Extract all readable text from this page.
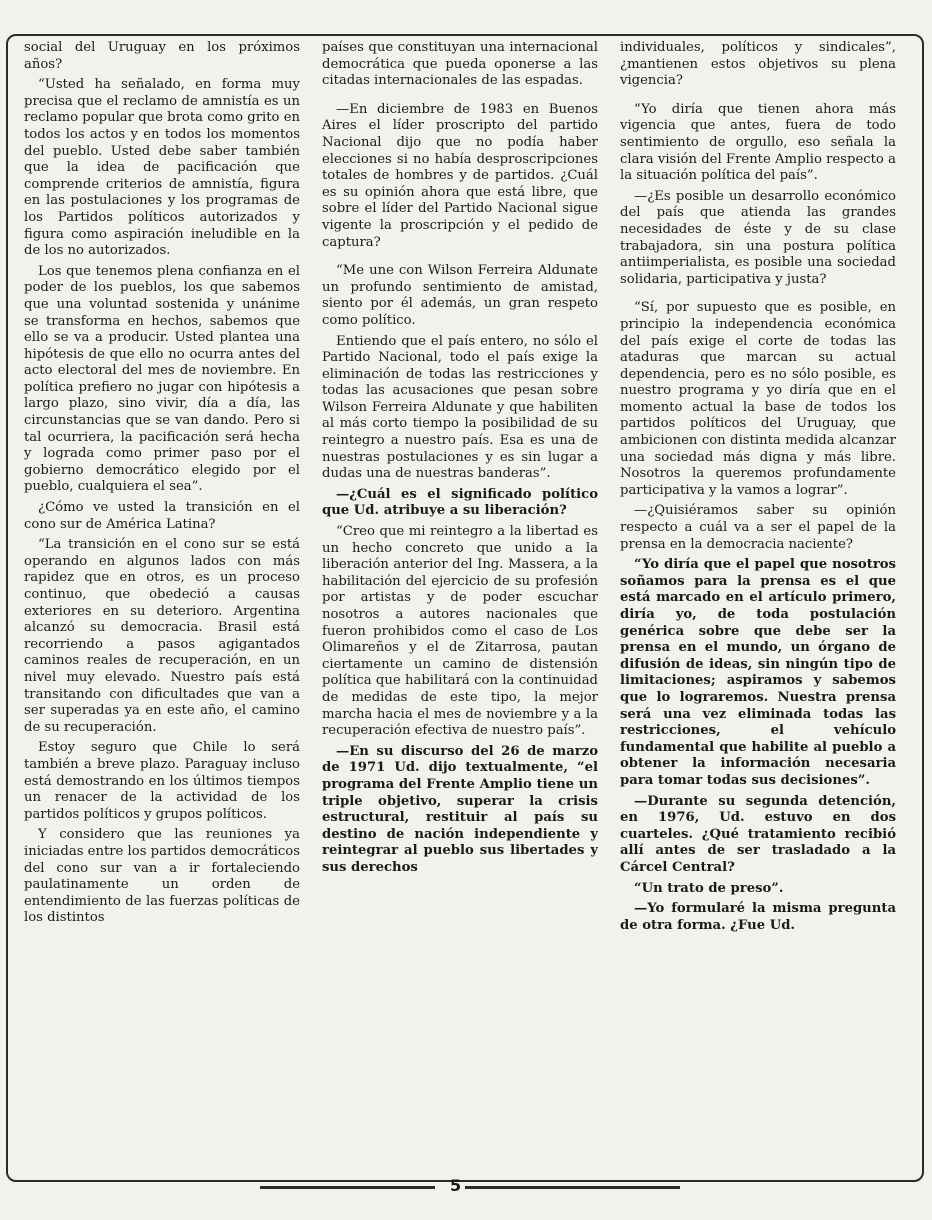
social del Uruguay en los próximos años?

“Usted ha señalado, en forma muy precisa que el reclamo de amnistía es un reclamo popular que brota como grito en todos los actos y en todos los momentos del pueblo. Usted debe saber también que la idea de pacificación que comprende criterios de amnistía, figura en las postulaciones y los programas de los Partidos políticos autorizados y figura como aspiración ineludible en la de los no autorizados.

Los que tenemos plena confianza en el poder de los pueblos, los que sabemos que una voluntad sostenida y unánime se transforma en hechos, sabemos que ello se va a producir. Usted plantea una hipótesis de que ello no ocurra antes del acto electoral del mes de noviembre. En política prefiero no jugar con hipótesis a largo plazo, sino vivir, día a día, las circunstancias que se van dando. Pero si tal ocurriera, la pacificación será hecha y lograda como primer paso por el gobierno democrático elegido por el pueblo, cualquiera el sea”.

¿Cómo ve usted la transición en el cono sur de América Latina?

“La transición en el cono sur se está operando en algunos lados con más rapidez que en otros, es un proceso continuo, que obedeció a causas exteriores en su deterioro. Argentina alcanzó su democracia. Brasil está recorriendo a pasos agigantados caminos reales de recuperación, en un nivel muy elevado. Nuestro país está transitando con dificultades que van a ser superadas ya en este año, el camino de su recuperación.

Estoy seguro que Chile lo será también a breve plazo. Paraguay incluso está demostrando en los últimos tiempos un renacer de la actividad de los partidos políticos y grupos políticos.

Y considero que las reuniones ya iniciadas entre los partidos democráticos del cono sur van a ir fortaleciendo paulatinamente un orden de entendimiento de las fuerzas políticas de los distintos

países que constituyan una internacional democrática que pueda oponerse a las citadas internacionales de las espadas.

—En diciembre de 1983 en Buenos Aires el líder proscripto del partido Nacional dijo que no podía haber elecciones si no había desproscripciones totales de hombres y de partidos. ¿Cuál es su opinión ahora que está libre, que sobre el líder del Partido Nacional sigue vigente la proscripción y el pedido de captura?

“Me une con Wilson Ferreira Aldunate un profundo sentimiento de amistad, siento por él además, un gran respeto como político.

Entiendo que el país entero, no sólo el Partido Nacional, todo el país exige la eliminación de todas las restricciones y todas las acusaciones que pesan sobre Wilson Ferreira Aldunate y que habiliten al más corto tiempo la posibilidad de su reintegro a nuestro país. Esa es una de nuestras postulaciones y es sin lugar a dudas una de nuestras banderas”.

—¿Cuál es el significado político que Ud. atribuye a su liberación?

“Creo que mi reintegro a la libertad es un hecho concreto que unido a la liberación anterior del Ing. Massera, a la habilitación del ejercicio de su profesión por artistas y de poder escuchar nosotros a autores nacionales que fueron prohibidos como el caso de Los Olimareños y el de Zitarrosa, pautan ciertamente un camino de distensión política que habilitará con la continuidad de medidas de este tipo, la mejor marcha hacia el mes de noviembre y a la recuperación efectiva de nuestro país”.

—En su discurso del 26 de marzo de 1971 Ud. dijo textualmente, “el programa del Frente Amplio tiene un triple objetivo, superar la crisis estructural, restituir al país su destino de nación independiente y reintegrar al pueblo sus libertades y sus derechos

individuales, políticos y sindicales”, ¿mantienen estos objetivos su plena vigencia?

“Yo diría que tienen ahora más vigencia que antes, fuera de todo sentimiento de orgullo, eso señala la clara visión del Frente Amplio respecto a la situación política del país”.

—¿Es posible un desarrollo económico del país que atienda las grandes necesidades de éste y de su clase trabajadora, sin una postura política antiimperialista, es posible una sociedad solidaria, participativa y justa?

“Sí, por supuesto que es posible, en principio la independencia económica del país exige el corte de todas las ataduras que marcan su actual dependencia, pero es no sólo posible, es nuestro programa y yo diría que en el momento actual la base de todos los partidos políticos del Uruguay, que ambicionen con distinta medida alcanzar una sociedad más digna y más libre. Nosotros la queremos profundamente participativa y la vamos a lograr”.

—¿Quisiéramos saber su opinión respecto a cuál va a ser el papel de la prensa en la democracia naciente?

“Yo diría que el papel que nosotros soñamos para la prensa es el que está marcado en el artículo primero, diría yo, de toda postulación genérica sobre que debe ser la prensa en el mundo, un órgano de difusión de ideas, sin ningún tipo de limitaciones; aspiramos y sabemos que lo lograremos. Nuestra prensa será una vez eliminada todas las restricciones, el vehículo fundamental que habilite al pueblo a obtener la información necesaria para tomar todas sus decisiones”.

—Durante su segunda detención, en 1976, Ud. estuvo en dos cuarteles. ¿Qué tratamiento recibió allí antes de ser trasladado a la Cárcel Central?

“Un trato de preso”.

—Yo formularé la misma pregunta de otra forma. ¿Fue Ud.

5
